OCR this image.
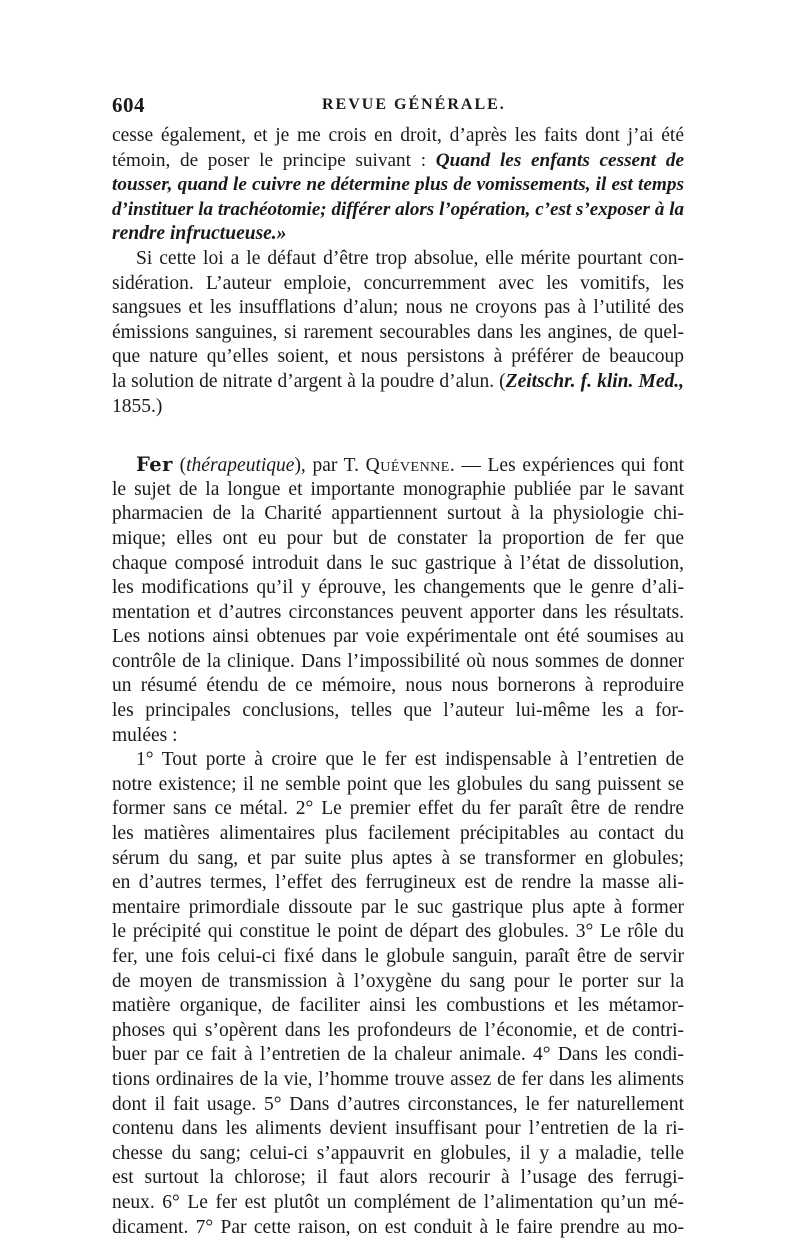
604	REVUE GÉNÉRALE.
cesse également, et je me crois en droit, d’après les faits dont j’ai été
témoin, de poser le principe suivant : Quand les enfants cessent de
tousser, quand le cuivre ne détermine plus de vomissements, il est temps
d’instituer la trachéotomie; différer alors l’opération, c’est s’exposer à la
rendre infructueuse.»
Si cette loi a le défaut d’être trop absolue, elle mérite pourtant con-
sidération. L’auteur emploie, concurremment avec les vomitifs, les
sangsues et les insufflations d’alun; nous ne croyons pas à l’utilité des
émissions sanguines, si rarement secourables dans les angines, de quel-
que nature qu’elles soient, et nous persistons à préférer de beaucoup
la solution de nitrate d’argent à la poudre d’alun. (Zeitschr. f. klin. Med.,
1855.)
Fer (thérapeutique), par T. Quévenne. — Les expériences qui font
le sujet de la longue et importante monographie publiée par le savant
pharmacien de la Charité appartiennent surtout à la physiologie chi-
mique; elles ont eu pour but de constater la proportion de fer que
chaque composé introduit dans le suc gastrique à l’état de dissolution,
les modifications qu’il y éprouve, les changements que le genre d’ali-
mentation et d’autres circonstances peuvent apporter dans les résultats.
Les notions ainsi obtenues par voie expérimentale ont été soumises au
contrôle de la clinique. Dans l’impossibilité où nous sommes de donner
un résumé étendu de ce mémoire, nous nous bornerons à reproduire
les principales conclusions, telles que l’auteur lui-même les a for-
mulées :
1° Tout porte à croire que le fer est indispensable à l’entretien de
notre existence; il ne semble point que les globules du sang puissent se
former sans ce métal. 2° Le premier effet du fer paraît être de rendre
les matières alimentaires plus facilement précipitables au contact du
sérum du sang, et par suite plus aptes à se transformer en globules;
en d’autres termes, l’effet des ferrugineux est de rendre la masse ali-
mentaire primordiale dissoute par le suc gastrique plus apte à former
le précipité qui constitue le point de départ des globules. 3° Le rôle du
fer, une fois celui-ci fixé dans le globule sanguin, paraît être de servir
de moyen de transmission à l’oxygène du sang pour le porter sur la
matière organique, de faciliter ainsi les combustions et les métamor-
phoses qui s’opèrent dans les profondeurs de l’économie, et de contri-
buer par ce fait à l’entretien de la chaleur animale. 4° Dans les condi-
tions ordinaires de la vie, l’homme trouve assez de fer dans les aliments
dont il fait usage. 5° Dans d’autres circonstances, le fer naturellement
contenu dans les aliments devient insuffisant pour l’entretien de la ri-
chesse du sang; celui-ci s’appauvrit en globules, il y a maladie, telle
est surtout la chlorose; il faut alors recourir à l’usage des ferrugi-
neux. 6° Le fer est plutôt un complément de l’alimentation qu’un mé-
dicament. 7° Par cette raison, on est conduit à le faire prendre au mo-
